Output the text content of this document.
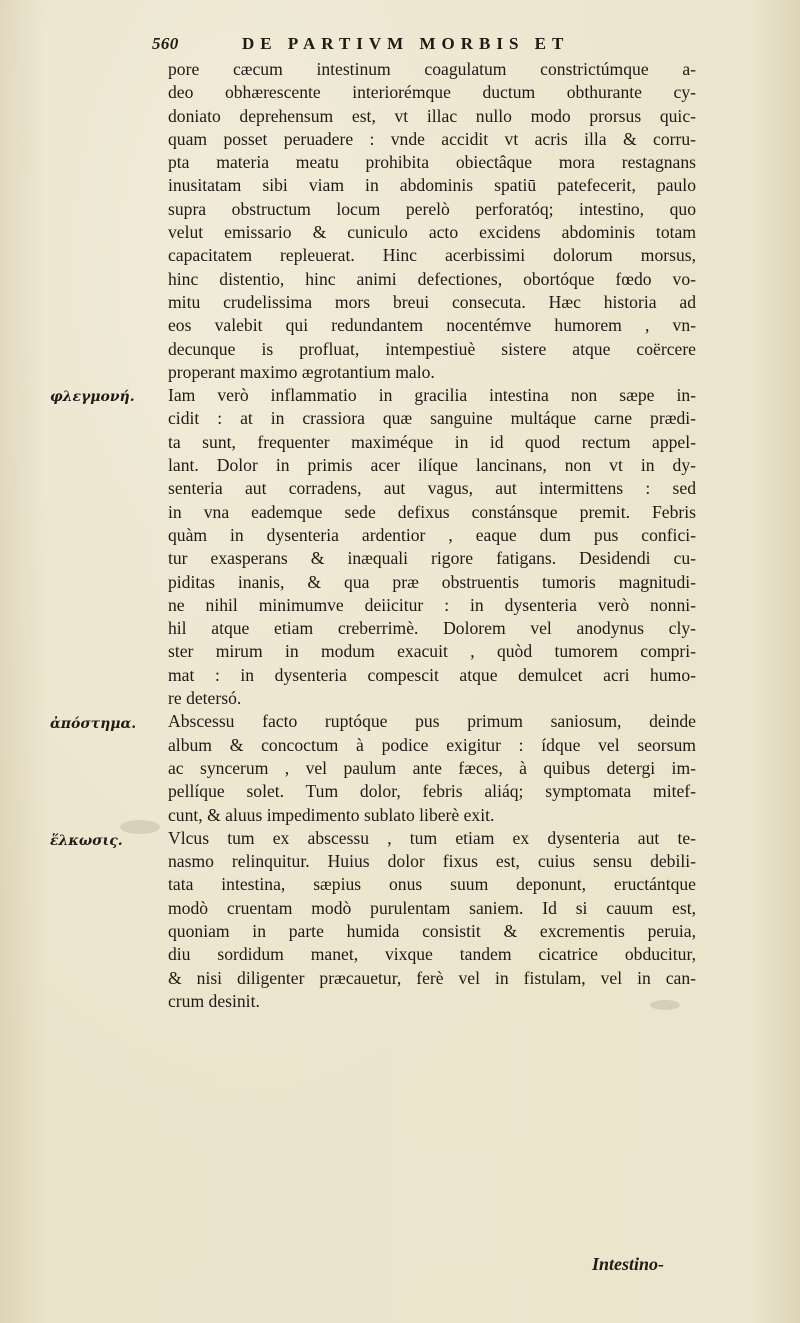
560	DE PARTIVM MORBIS ET
pore cæcum intestinum coagulatum constrictúmque a-
deo obhærescente interiorémque ductum obthurante cy-
doniato deprehensum est, vt illac nullo modo prorsus quic-
quam posset peruadere : vnde accidit vt acris illa & corru-
pta materia meatu prohibita obiectâque mora restagnans
inusitatam sibi viam in abdominis spatiū patefecerit, paulo
supra obstructum locum perelò perforatóq; intestino, quo
velut emissario & cuniculo acto excidens abdominis totam
capacitatem repleuerat. Hinc acerbissimi dolorum morsus,
hinc distentio, hinc animi defectiones, obortóque fœdo vo-
mitu crudelissima mors breui consecuta. Hæc historia ad
eos valebit qui redundantem nocentémve humorem , vn-
decunque is profluat, intempestiuè sistere atque coërcere
properant maximo ægrotantium malo.
Iam verò inflammatio in gracilia intestina non sæpe in-
cidit : at in crassiora quæ sanguine multáque carne prædi-
ta sunt, frequenter maximéque in id quod rectum appel-
lant. Dolor in primis acer ilíque lancinans, non vt in dy-
senteria aut corradens, aut vagus, aut intermittens : sed
in vna eademque sede defixus constánsque premit. Febris
quàm in dysenteria ardentior , eaque dum pus confici-
tur exasperans & inæquali rigore fatigans. Desidendi cu-
piditas inanis, & qua præ obstruentis tumoris magnitudi-
ne nihil minimumve deiicitur : in dysenteria verò nonni-
hil atque etiam creberrimè. Dolorem vel anodynus cly-
ster mirum in modum exacuit , quòd tumorem compri-
mat : in dysenteria compescit atque demulcet acri humo-
re detersó.
Abscessu facto ruptóque pus primum saniosum, deinde
album & concoctum à podice exigitur : ídque vel seorsum
ac syncerum , vel paulum ante fæces, à quibus detergi im-
pellíque solet. Tum dolor, febris aliáq; symptomata mitef-
cunt, & aluus impedimento sublato liberè exit.
Vlcus tum ex abscessu , tum etiam ex dysenteria aut te-
nasmo relinquitur. Huius dolor fixus est, cuius sensu debili-
tata intestina, sæpius onus suum deponunt, eructántque
modò cruentam modò purulentam saniem. Id si cauum est,
quoniam in parte humida consistit & excrementis peruia,
diu sordidum manet, vixque tandem cicatrice obducitur,
& nisi diligenter præcauetur, ferè vel in fistulam, vel in can-
crum desinit.
φλεγμονή.
ἀπόστημα.
ἕλκωσις.
Intestino-
